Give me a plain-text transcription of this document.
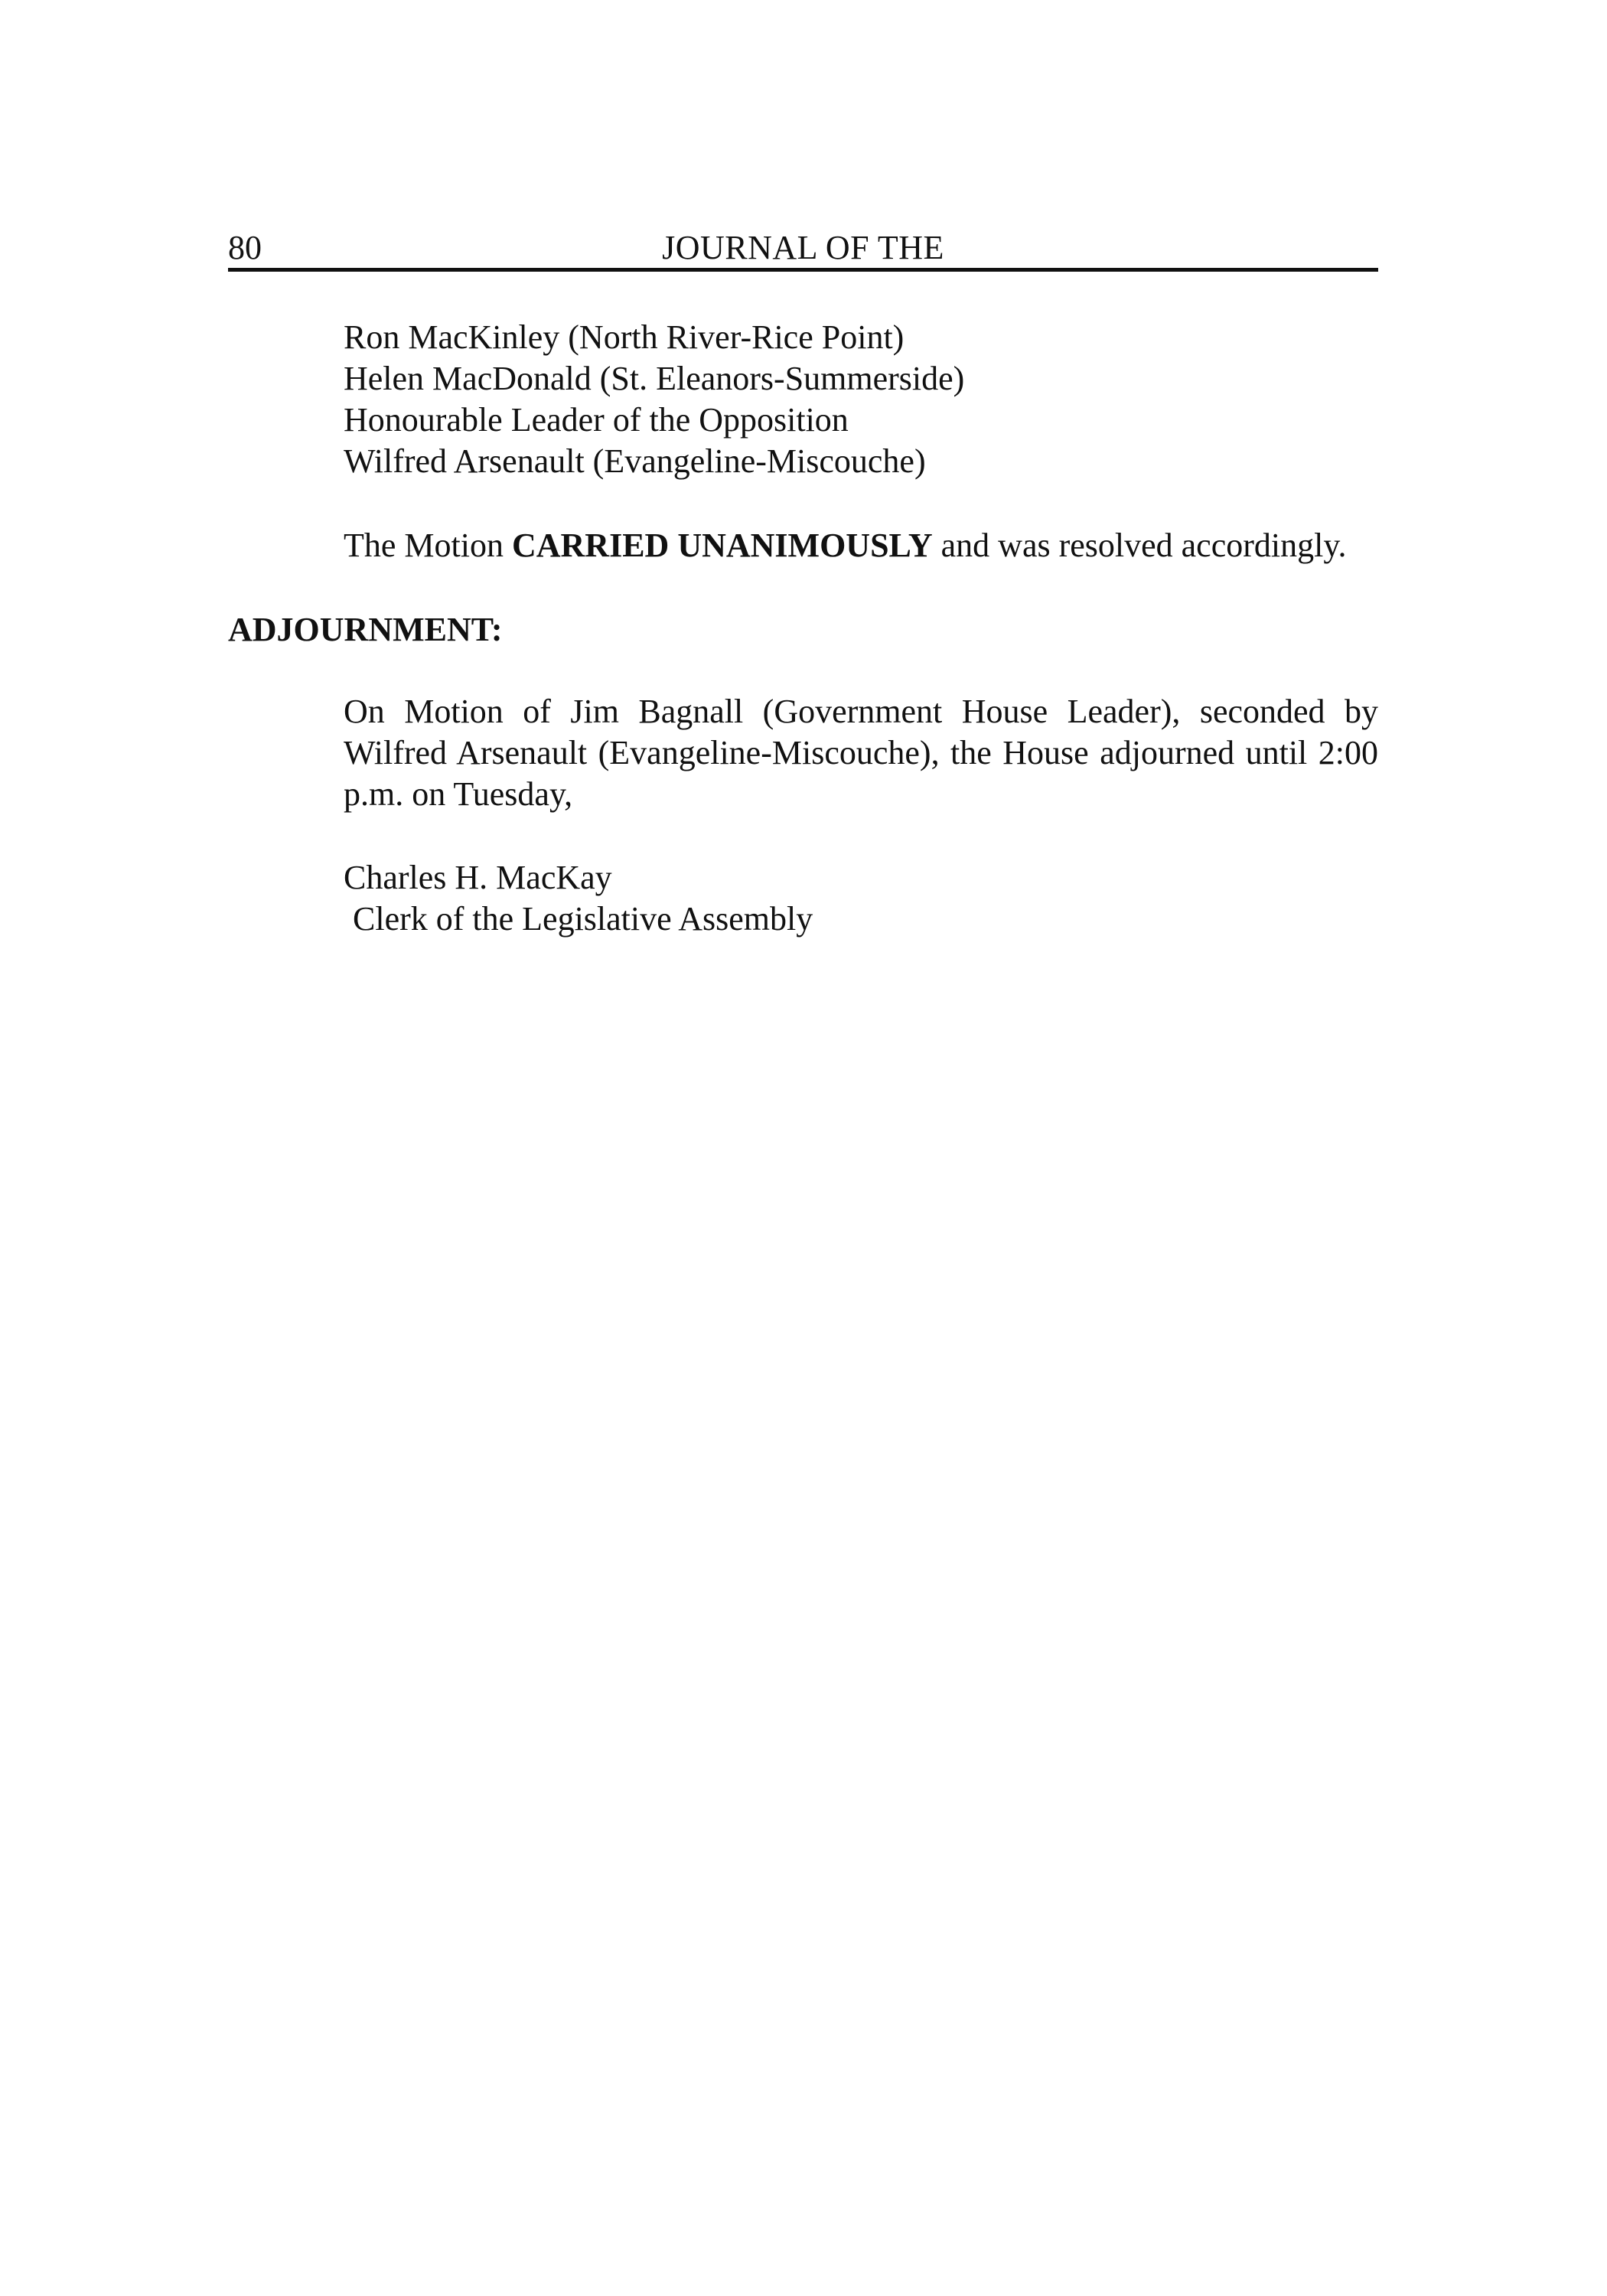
80	JOURNAL OF THE
Ron MacKinley (North River-Rice Point)
Helen MacDonald (St. Eleanors-Summerside)
Honourable Leader of the Opposition
Wilfred Arsenault (Evangeline-Miscouche)
The Motion CARRIED UNANIMOUSLY and was resolved accordingly.
ADJOURNMENT:
On Motion of Jim Bagnall (Government House Leader), seconded by
Wilfred Arsenault (Evangeline-Miscouche), the House adjourned until 2:00
p.m. on Tuesday,
Charles H. MacKay
Clerk of the Legislative Assembly
